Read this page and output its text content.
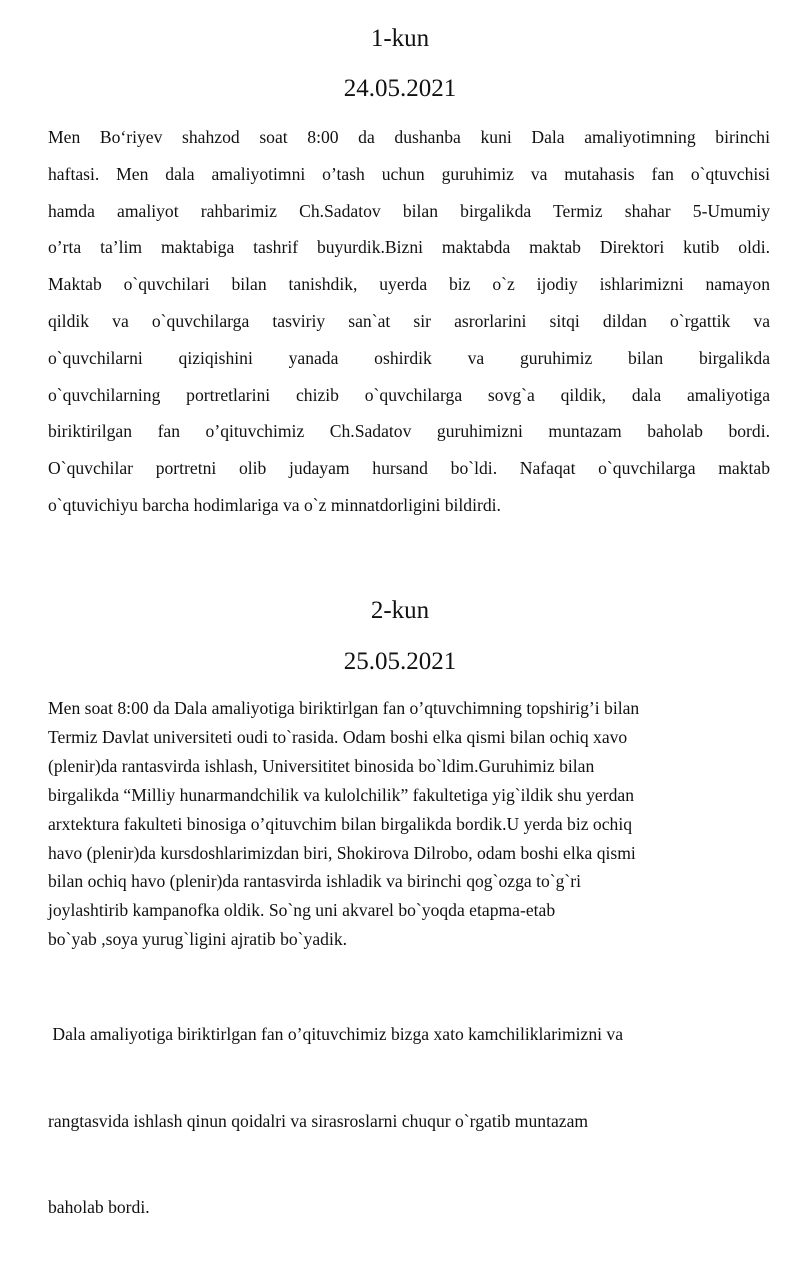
1-kun
24.05.2021
Men Bo‘riyev shahzod soat 8:00 da dushanba kuni Dala amaliyotimning birinchi
haftasi. Men dala amaliyotimni o’tash uchun guruhimiz va mutahasis fan o`qtuvchisi
hamda amaliyot rahbarimiz Ch.Sadatov bilan birgalikda Termiz shahar 5-Umumiy
o’rta ta’lim maktabiga tashrif buyurdik.Bizni maktabda maktab Direktori kutib oldi.
Maktab o`quvchilari bilan tanishdik, uyerda biz o`z ijodiy ishlarimizni namayon
qildik va o`quvchilarga tasviriy san`at sir asrorlarini sitqi dildan o`rgattik va
o`quvchilarni qiziqishini yanada oshirdik va guruhimiz bilan birgalikda
o`quvchilarning portretlarini chizib o`quvchilarga sovg`a qildik, dala amaliyotiga
biriktirilgan fan o’qituvchimiz Ch.Sadatov guruhimizni muntazam baholab bordi.
O`quvchilar portretni olib judayam hursand bo`ldi. Nafaqat o`quvchilarga maktab
o`qtuvichiyu barcha hodimlariga va o`z minnatdorligini bildirdi.
2-kun
25.05.2021
Men soat 8:00 da Dala amaliyotiga biriktirlgan fan o’qtuvchimning topshirig’i bilan
Termiz Davlat universiteti oudi to`rasida. Odam boshi elka qismi bilan ochiq xavo
(plenir)da rantasvirda ishlash, Universititet binosida bo`ldim.Guruhimiz bilan
birgalikda “Milliy hunarmandchilik va kulolchilik” fakultetiga yig`ildik shu yerdan
arxtektura fakulteti binosiga o’qituvchim bilan birgalikda bordik.U yerda biz ochiq
havo (plenir)da kursdoshlarimizdan biri, Shokirova Dilrobo, odam boshi elka qismi
bilan ochiq havo (plenir)da rantasvirda ishladik va birinchi qog`ozga to`g`ri
joylashtirib kampanofka oldik. So`ng uni akvarel bo`yoqda etapma-etab
bo`yab ,soya yurug`ligini ajratib bo`yadik.

Dala amaliyotiga biriktirlgan fan o’qituvchimiz bizga xato kamchiliklarimizni va

rangtasvida ishlash qinun qoidalri va sirasroslarni chuqur o`rgatib muntazam

baholab bordi.
